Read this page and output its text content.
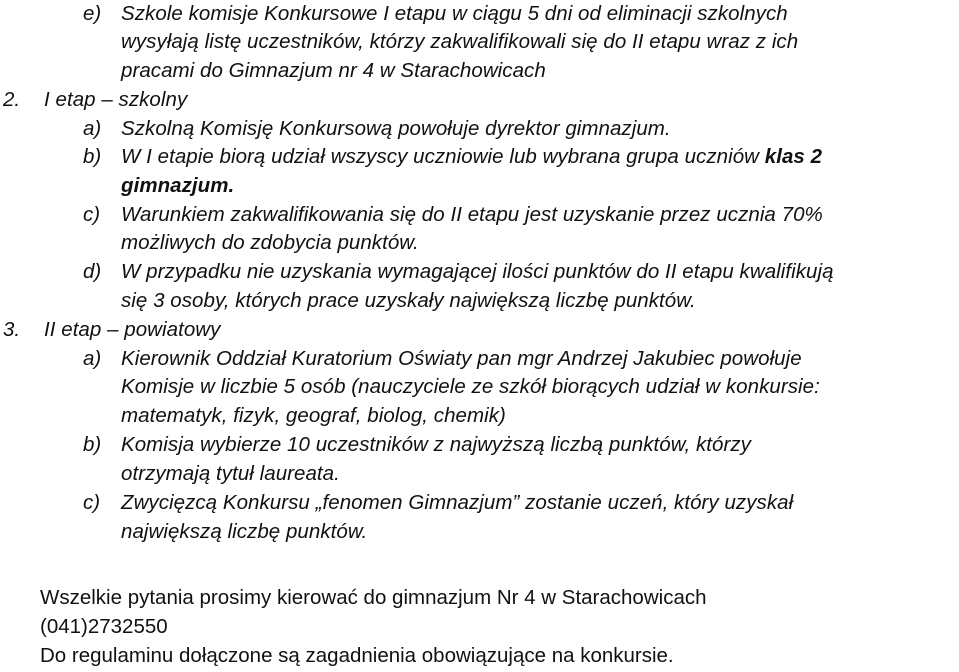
e) Szkole komisje Konkursowe I etapu w ciągu 5 dni od eliminacji szkolnych
wysyłają listę uczestników, którzy zakwalifikowali się do II etapu wraz z ich
pracami do Gimnazjum nr 4 w Starachowicach
2. I etap – szkolny
a) Szkolną Komisję Konkursową powołuje dyrektor gimnazjum.
b) W I etapie biorą udział wszyscy uczniowie lub wybrana grupa uczniów klas 2
gimnazjum.
c) Warunkiem zakwalifikowania się do II etapu jest uzyskanie przez ucznia 70%
możliwych do zdobycia punktów.
d) W przypadku nie uzyskania wymagającej ilości punktów do II etapu kwalifikują
się 3 osoby, których prace uzyskały największą liczbę punktów.
3. II etap – powiatowy
a) Kierownik Oddział Kuratorium Oświaty pan mgr Andrzej Jakubiec powołuje
Komisje w liczbie 5 osób (nauczyciele ze szkół biorących udział w konkursie:
matematyk, fizyk, geograf, biolog, chemik)
b) Komisja wybierze 10 uczestników z najwyższą liczbą punktów, którzy
otrzymają tytuł laureata.
c) Zwycięzcą Konkursu „fenomen Gimnazjum” zostanie uczeń, który uzyskał
największą liczbę punktów.
Wszelkie pytania prosimy kierować do gimnazjum Nr 4 w Starachowicach
(041)2732550
Do regulaminu dołączone są zagadnienia obowiązujące na konkursie.
